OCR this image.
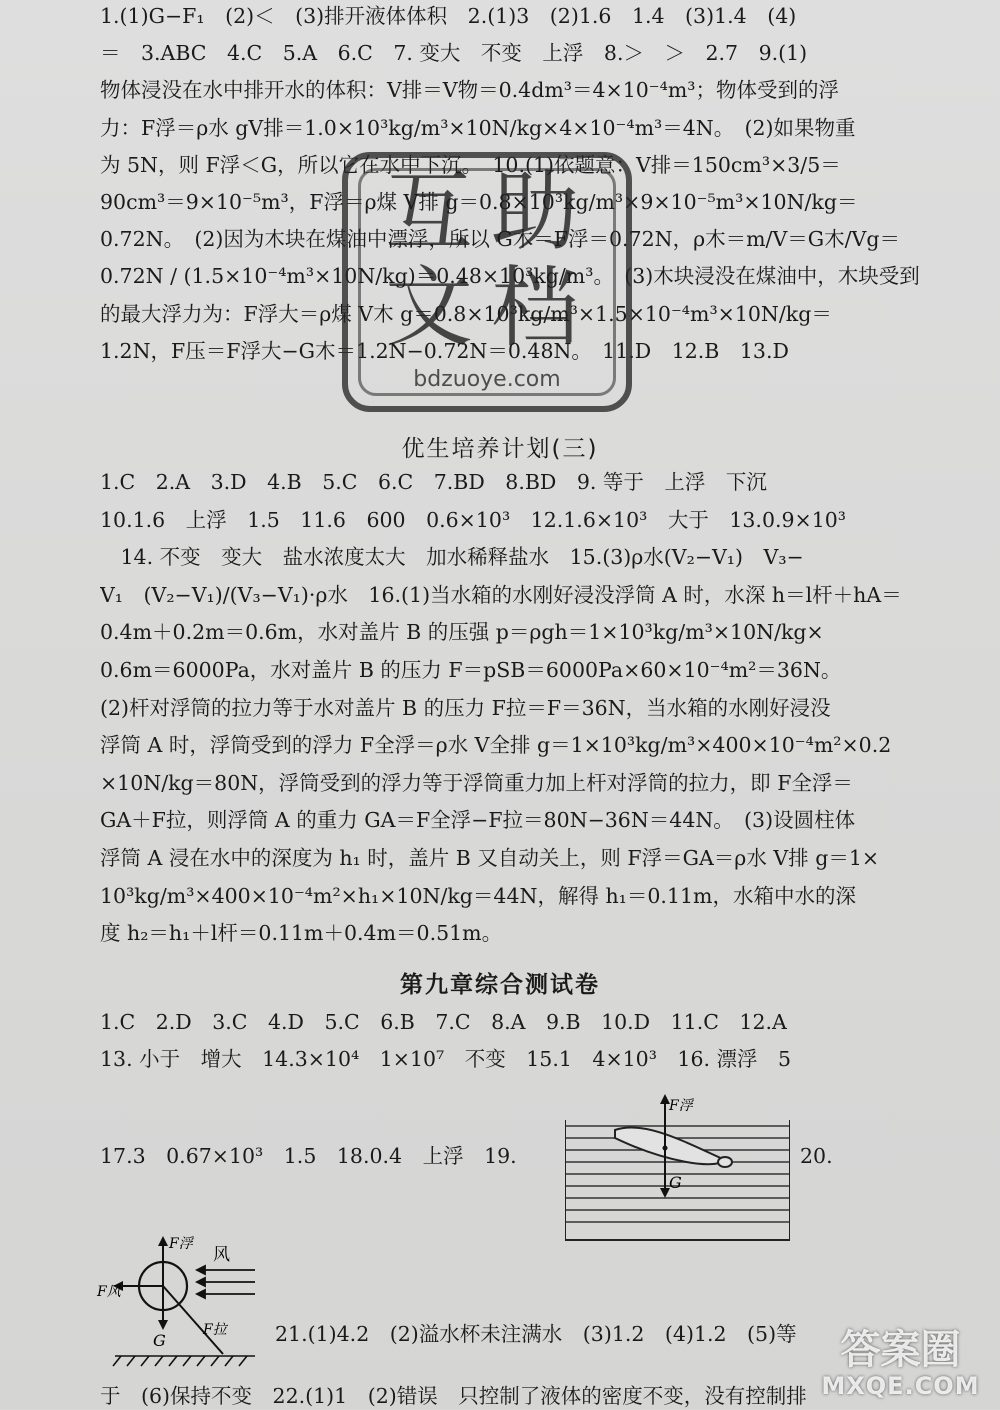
1.(1)G−F₁　(2)＜　(3)排开液体体积　2.(1)3　(2)1.6　1.4　(3)1.4　(4)
＝　3.ABC　4.C　5.A　6.C　7. 变大　不变　上浮　8.＞　＞　2.7　9.(1)
物体浸没在水中排开水的体积：V排＝V物＝0.4dm³＝4×10⁻⁴m³；物体受到的浮
力：F浮＝ρ水 gV排＝1.0×10³kg/m³×10N/kg×4×10⁻⁴m³＝4N。　(2)如果物重
为 5N，则 F浮＜G，所以它在水中下沉。　10.(1)依题意：V排＝150cm³×3/5＝
90cm³＝9×10⁻⁵m³，F浮＝ρ煤 V排 g＝0.8×10³kg/m³×9×10⁻⁵m³×10N/kg＝
0.72N。　(2)因为木块在煤油中漂浮，所以 G木＝F浮＝0.72N，ρ木＝m/V＝G木/Vg＝
0.72N / (1.5×10⁻⁴m³×10N/kg)＝0.48×10³kg/m³。　(3)木块浸没在煤油中，木块受到
的最大浮力为：F浮大＝ρ煤 V木 g＝0.8×10³kg/m³×1.5×10⁻⁴m³×10N/kg＝
1.2N，F压＝F浮大−G木＝1.2N−0.72N＝0.48N。　11.D　12.B　13.D
优生培养计划(三)
1.C　2.A　3.D　4.B　5.C　6.C　7.BD　8.BD　9. 等于　上浮　下沉
10.1.6　上浮　1.5　11.6　600　0.6×10³　12.1.6×10³　大于　13.0.9×10³
　14. 不变　变大　盐水浓度太大　加水稀释盐水　15.(3)ρ水(V₂−V₁)　V₃−
V₁　(V₂−V₁)/(V₃−V₁)·ρ水　16.(1)当水箱的水刚好浸没浮筒 A 时，水深 h＝l杆＋hA＝
0.4m＋0.2m＝0.6m，水对盖片 B 的压强 p＝ρgh＝1×10³kg/m³×10N/kg×
0.6m＝6000Pa，水对盖片 B 的压力 F＝pSB＝6000Pa×60×10⁻⁴m²＝36N。
(2)杆对浮筒的拉力等于水对盖片 B 的压力 F拉＝F＝36N，当水箱的水刚好浸没
浮筒 A 时，浮筒受到的浮力 F全浮＝ρ水 V全排 g＝1×10³kg/m³×400×10⁻⁴m²×0.2
×10N/kg＝80N，浮筒受到的浮力等于浮筒重力加上杆对浮筒的拉力，即 F全浮＝
GA＋F拉，则浮筒 A 的重力 GA＝F全浮−F拉＝80N−36N＝44N。　(3)设圆柱体
浮筒 A 浸在水中的深度为 h₁ 时，盖片 B 又自动关上，则 F浮＝GA＝ρ水 V排 g＝1×
10³kg/m³×400×10⁻⁴m²×h₁×10N/kg＝44N，解得 h₁＝0.11m，水箱中水的深
度 h₂＝h₁＋l杆＝0.11m＋0.4m＝0.51m。
第九章综合测试卷
1.C　2.D　3.C　4.D　5.C　6.B　7.C　8.A　9.B　10.D　11.C　12.A
13. 小于　增大　14.3×10⁴　1×10⁷　不变　15.1　4×10³　16. 漂浮　5
17.3　0.67×10³　1.5　18.0.4　上浮　19.	20.
F浮
G
F浮
风
F风
G
F拉 21.(1)4.2　(2)溢水杯未注满水　(3)1.2　(4)1.2　(5)等
于　(6)保持不变　22.(1)1　(2)错误　只控制了液体的密度不变，没有控制排
互助文档
bdzuoye.com
答案圈
MXQE.COM
